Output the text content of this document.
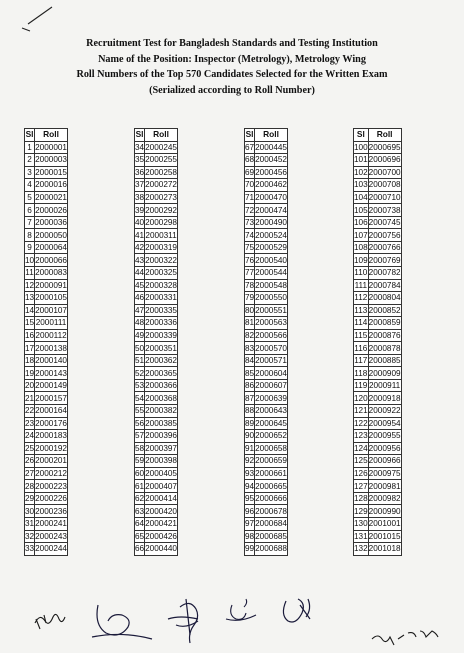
Recruitment Test for Bangladesh Standards and Testing Institution
Name of the Position: Inspector (Metrology), Metrology Wing
Roll Numbers of the Top 570 Candidates Selected for the Written Exam
(Serialized according to Roll Number)
Sl	Roll
1	2000001
2	2000003
3	2000015
4	2000016
5	2000021
6	2000026
7	2000036
8	2000050
9	2000064
10	2000066
11	2000083
12	2000091
13	2000105
14	2000107
15	2000111
16	2000112
17	2000138
18	2000140
19	2000143
20	2000149
21	2000157
22	2000164
23	2000176
24	2000183
25	2000192
26	2000201
27	2000212
28	2000223
29	2000226
30	2000236
31	2000241
32	2000243
33	2000244
Sl	Roll
34	2000245
35	2000255
36	2000258
37	2000272
38	2000273
39	2000292
40	2000298
41	2000311
42	2000319
43	2000322
44	2000325
45	2000328
46	2000331
47	2000335
48	2000336
49	2000339
50	2000351
51	2000362
52	2000365
53	2000366
54	2000368
55	2000382
56	2000385
57	2000396
58	2000397
59	2000398
60	2000405
61	2000407
62	2000414
63	2000420
64	2000421
65	2000426
66	2000440
Sl	Roll
67	2000445
68	2000452
69	2000456
70	2000462
71	2000470
72	2000474
73	2000490
74	2000524
75	2000529
76	2000540
77	2000544
78	2000548
79	2000550
80	2000551
81	2000563
82	2000566
83	2000570
84	2000571
85	2000604
86	2000607
87	2000639
88	2000643
89	2000645
90	2000652
91	2000658
92	2000659
93	2000661
94	2000665
95	2000666
96	2000678
97	2000684
98	2000685
99	2000688
Sl	Roll
100	2000695
101	2000696
102	2000700
103	2000708
104	2000710
105	2000738
106	2000745
107	2000756
108	2000766
109	2000769
110	2000782
111	2000784
112	2000804
113	2000852
114	2000859
115	2000876
116	2000878
117	2000885
118	2000909
119	2000911
120	2000918
121	2000922
122	2000954
123	2000955
124	2000956
125	2000966
126	2000975
127	2000981
128	2000982
129	2000990
130	2001001
131	2001015
132	2001018
